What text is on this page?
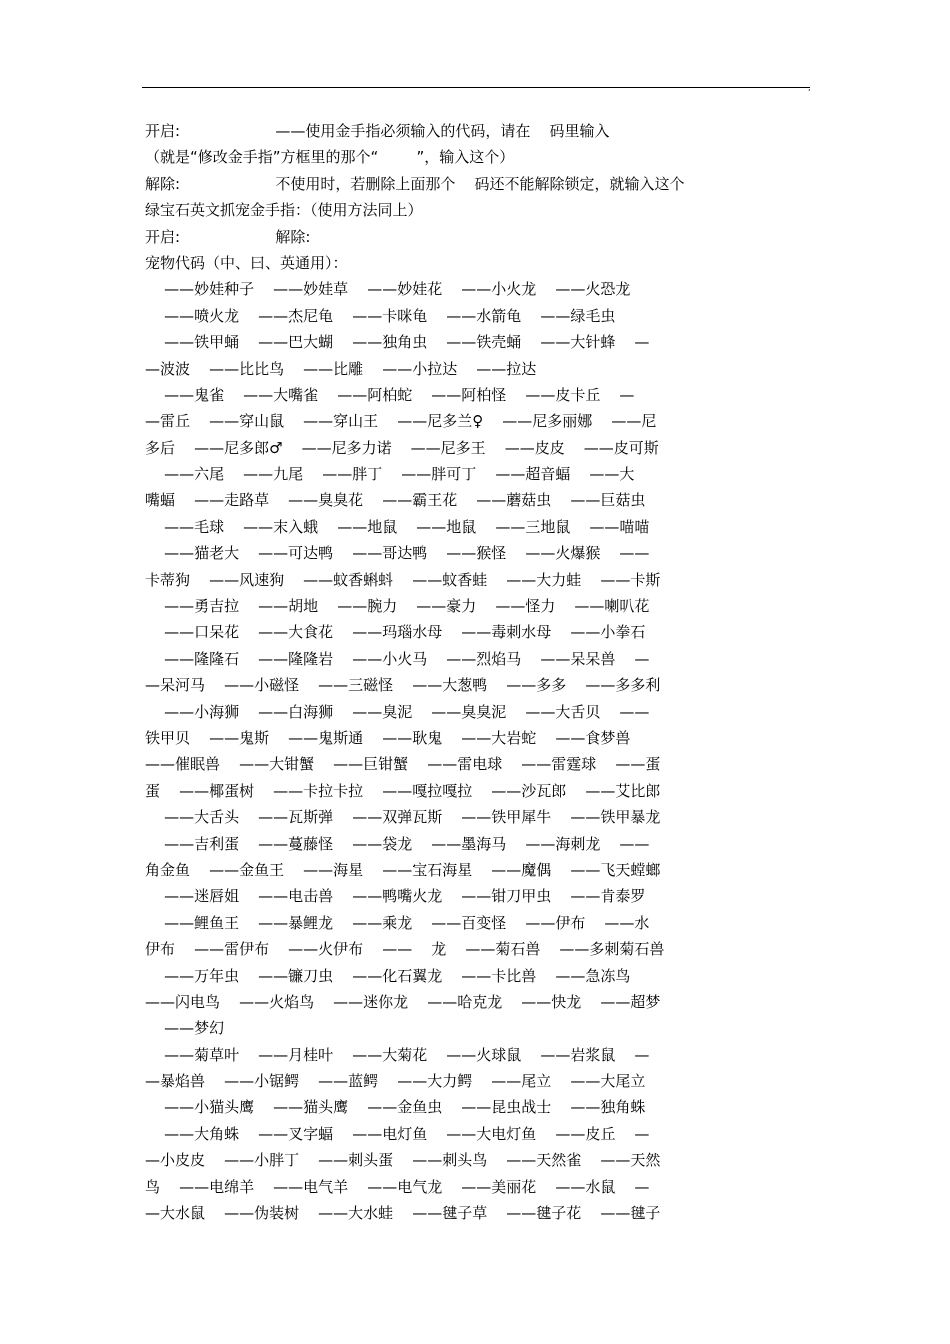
,
开启:                    ——使用金手指必须输入的代码，请在    码里输入
（就是“修改金手指”方框里的那个“        ”，输入这个）
解除:                    不使用时，若删除上面那个    码还不能解除锁定，就输入这个
绿宝石英文抓宠金手指：（使用方法同上）
开启:                    解除:
宠物代码（中、曰、英通用）：
——妙娃种子    ——妙娃草    ——妙娃花    ——小火龙    ——火恐龙
——喷火龙    ——杰尼龟    ——卡咪龟    ——水箭龟    ——绿毛虫
——铁甲蛹    ——巴大蝴    ——独角虫    ——铁壳蛹    ——大针蜂    —
—波波    ——比比鸟    ——比雕    ——小拉达    ——拉达
——鬼雀    ——大嘴雀    ——阿柏蛇    ——阿柏怪    ——皮卡丘    —
—雷丘    ——穿山鼠    ——穿山王    ——尼多兰♀    ——尼多丽娜    ——尼
多后    ——尼多郎♂    ——尼多力诺    ——尼多王    ——皮皮    ——皮可斯
——六尾    ——九尾    ——胖丁    ——胖可丁    ——超音蝠    ——大
嘴蝠    ——走路草    ——臭臭花    ——霸王花    ——蘑菇虫    ——巨菇虫
——毛球    ——末入蛾    ——地鼠    ——地鼠    ——三地鼠    ——喵喵
——猫老大    ——可达鸭    ——哥达鸭    ——猴怪    ——火爆猴    ——
卡蒂狗    ——风速狗    ——蚊香蝌蚪    ——蚊香蛙    ——大力蛙    ——卡斯
——勇吉拉    ——胡地    ——腕力    ——豪力    ——怪力    ——喇叭花
——口呆花    ——大食花    ——玛瑙水母    ——毒刺水母    ——小拳石
——隆隆石    ——隆隆岩    ——小火马    ——烈焰马    ——呆呆兽    —
—呆河马    ——小磁怪    ——三磁怪    ——大葱鸭    ——多多    ——多多利
——小海狮    ——白海狮    ——臭泥    ——臭臭泥    ——大舌贝    ——
铁甲贝    ——鬼斯    ——鬼斯通    ——耿鬼    ——大岩蛇    ——食梦兽
——催眠兽    ——大钳蟹    ——巨钳蟹    ——雷电球    ——雷霆球    ——蛋
蛋    ——椰蛋树    ——卡拉卡拉    ——嘎拉嘎拉    ——沙瓦郎    ——艾比郎
——大舌头    ——瓦斯弹    ——双弹瓦斯    ——铁甲犀牛    ——铁甲暴龙
——吉利蛋    ——蔓藤怪    ——袋龙    ——墨海马    ——海刺龙    ——
角金鱼    ——金鱼王    ——海星    ——宝石海星    ——魔偶    ——飞天螳螂
——迷唇姐    ——电击兽    ——鸭嘴火龙    ——钳刀甲虫    ——肯泰罗
——鲤鱼王    ——暴鲤龙    ——乘龙    ——百变怪    ——伊布    ——水
伊布    ——雷伊布    ——火伊布    ——    龙    ——菊石兽    ——多刺菊石兽
——万年虫    ——镰刀虫    ——化石翼龙    ——卡比兽    ——急冻鸟
——闪电鸟    ——火焰鸟    ——迷你龙    ——哈克龙    ——快龙    ——超梦
——梦幻
——菊草叶    ——月桂叶    ——大菊花    ——火球鼠    ——岩浆鼠    —
—暴焰兽    ——小锯鳄    ——蓝鳄    ——大力鳄    ——尾立    ——大尾立
——小猫头鹰    ——猫头鹰    ——金鱼虫    ——昆虫战士    ——独角蛛
——大角蛛    ——叉字蝠    ——电灯鱼    ——大电灯鱼    ——皮丘    —
—小皮皮    ——小胖丁    ——刺头蛋    ——刺头鸟    ——天然雀    ——天然
鸟    ——电绵羊    ——电气羊    ——电气龙    ——美丽花    ——水鼠    —
—大水鼠    ——伪装树    ——大水蛙    ——毽子草    ——毽子花    ——毽子
